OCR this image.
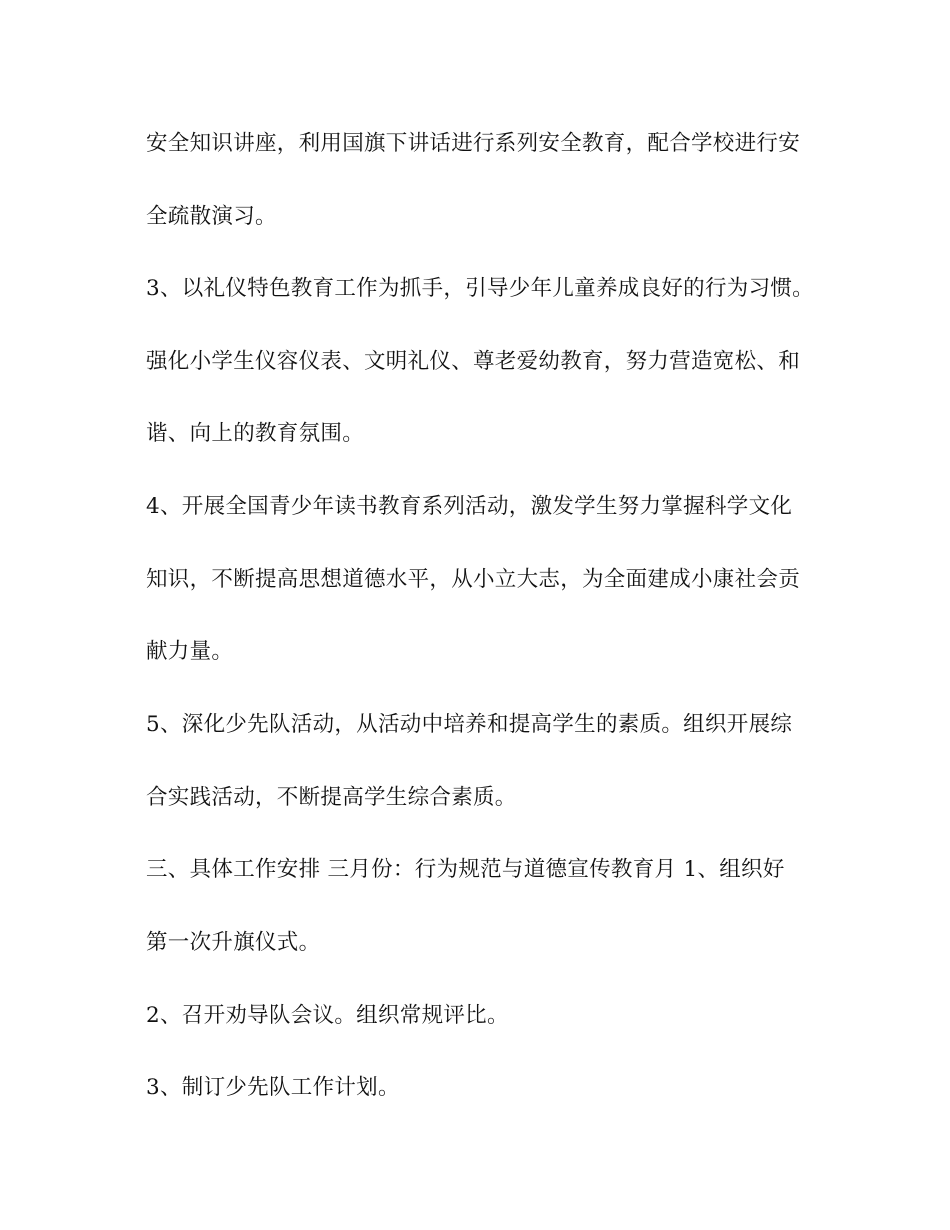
安全知识讲座，利用国旗下讲话进行系列安全教育，配合学校进行安
全疏散演习。
3、以礼仪特色教育工作为抓手，引导少年儿童养成良好的行为习惯。
强化小学生仪容仪表、文明礼仪、尊老爱幼教育，努力营造宽松、和
谐、向上的教育氛围。
4、开展全国青少年读书教育系列活动，激发学生努力掌握科学文化
知识，不断提高思想道德水平，从小立大志，为全面建成小康社会贡
献力量。
5、深化少先队活动，从活动中培养和提高学生的素质。组织开展综
合实践活动，不断提高学生综合素质。
三、具体工作安排 三月份：行为规范与道德宣传教育月 1、组织好
第一次升旗仪式。
2、召开劝导队会议。组织常规评比。
3、制订少先队工作计划。
